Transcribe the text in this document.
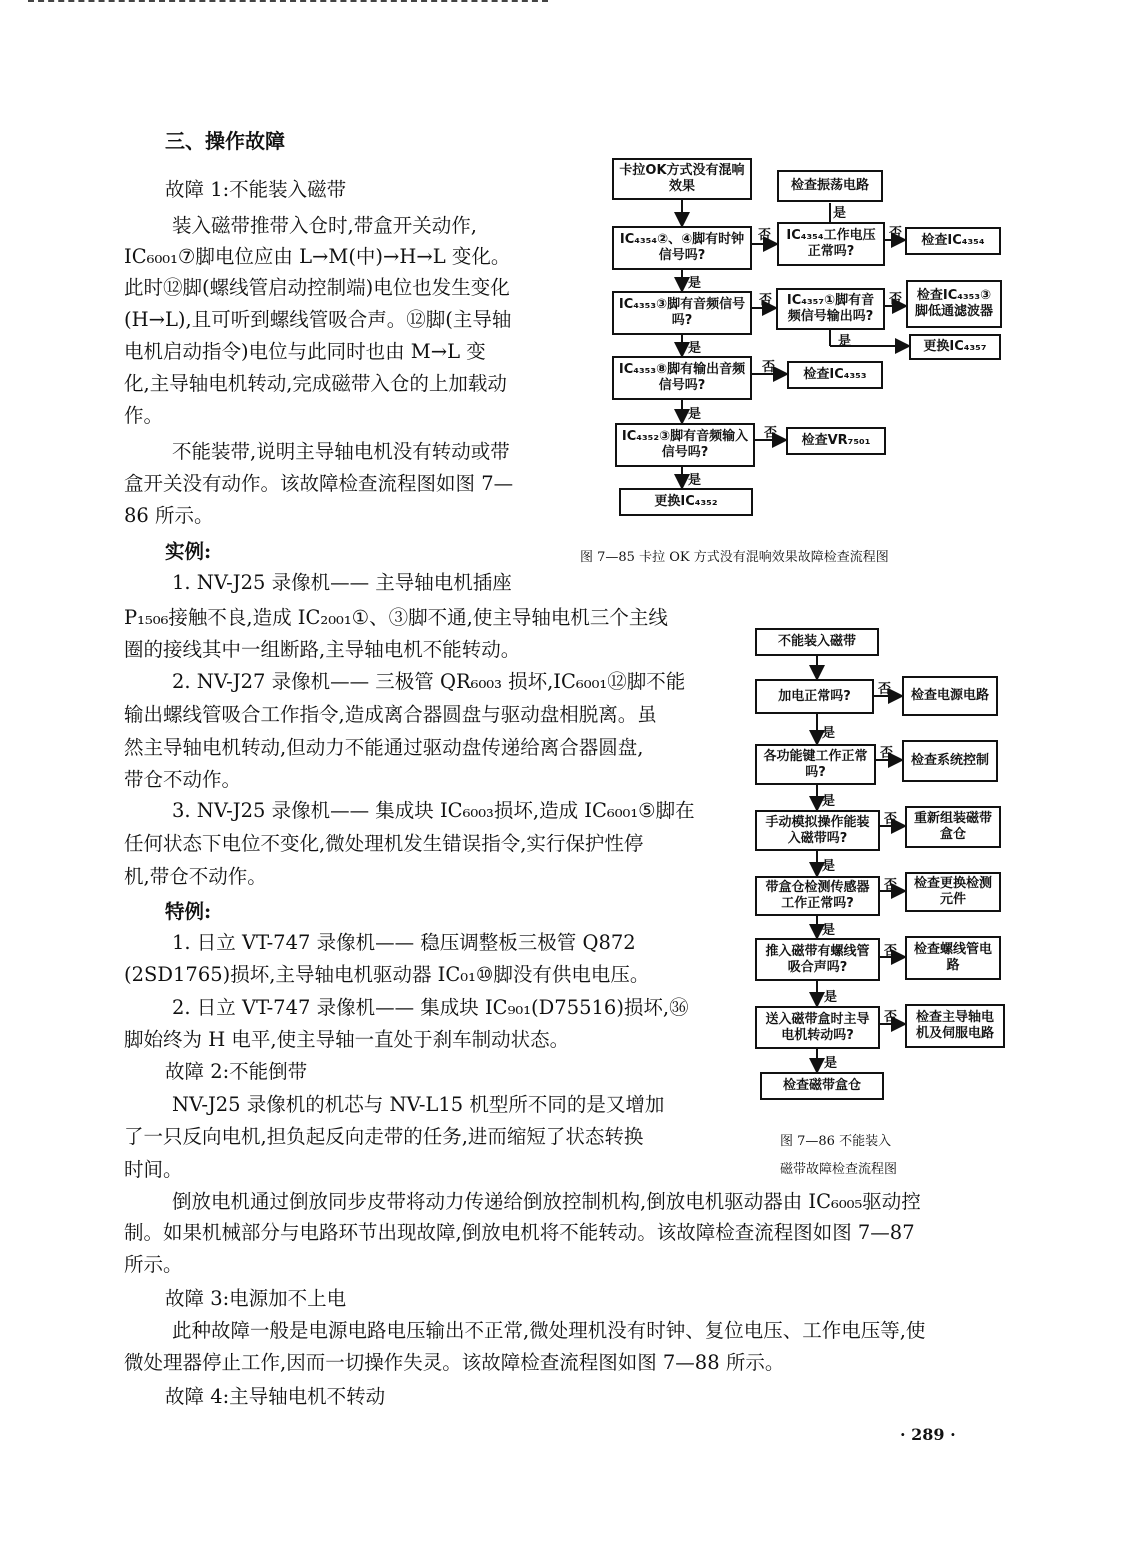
三、操作故障
故障 1:不能装入磁带
装入磁带推带入仓时,带盒开关动作,
IC₆₀₀₁⑦脚电位应由 L→M(中)→H→L 变化。
此时⑫脚(螺线管启动控制端)电位也发生变化
(H→L),且可听到螺线管吸合声。⑫脚(主导轴
电机启动指令)电位与此同时也由 M→L 变
化,主导轴电机转动,完成磁带入仓的上加载动
作。
不能装带,说明主导轴电机没有转动或带
盒开关没有动作。该故障检查流程图如图 7—
86 所示。
实例:
1. NV-J25 录像机—— 主导轴电机插座
P₁₅₀₆接触不良,造成 IC₂₀₀₁①、③脚不通,使主导轴电机三个主线
圈的接线其中一组断路,主导轴电机不能转动。
2. NV-J27 录像机—— 三极管 QR₆₀₀₃ 损坏,IC₆₀₀₁⑫脚不能
输出螺线管吸合工作指令,造成离合器圆盘与驱动盘相脱离。虽
然主导轴电机转动,但动力不能通过驱动盘传递给离合器圆盘,
带仓不动作。
3. NV-J25 录像机—— 集成块 IC₆₀₀₃损坏,造成 IC₆₀₀₁⑤脚在
任何状态下电位不变化,微处理机发生错误指令,实行保护性停
机,带仓不动作。
特例:
1. 日立 VT-747 录像机—— 稳压调整板三极管 Q872
(2SD1765)损坏,主导轴电机驱动器 IC₀₁⑩脚没有供电电压。
2. 日立 VT-747 录像机—— 集成块 IC₉₀₁(D75516)损坏,㊱
脚始终为 H 电平,使主导轴一直处于刹车制动状态。
故障 2:不能倒带
NV-J25 录像机的机芯与 NV-L15 机型所不同的是又增加
了一只反向电机,担负起反向走带的任务,进而缩短了状态转换
时间。
倒放电机通过倒放同步皮带将动力传递给倒放控制机构,倒放电机驱动器由 IC₆₀₀₅驱动控
制。如果机械部分与电路环节出现故障,倒放电机将不能转动。该故障检查流程图如图 7—87
所示。
故障 3:电源加不上电
此种故障一般是电源电路电压输出不正常,微处理机没有时钟、复位电压、工作电压等,使
微处理器停止工作,因而一切操作失灵。该故障检查流程图如图 7—88 所示。
故障 4:主导轴电机不转动
· 289 ·
卡拉OK方式没有混响效果	检查振荡电路
IC₄₃₅₄②、④脚有时钟信号吗?
IC₄₃₅₄工作电压正常吗?
检查IC₄₃₅₄
IC₄₃₅₃③脚有音频信号吗?
IC₄₃₅₇①脚有音频信号输出吗?
检查IC₄₃₅₃③脚低通滤波器
更换IC₄₃₅₇
IC₄₃₅₃⑧脚有输出音频信号吗?
检查IC₄₃₅₃
IC₄₃₅₂③脚有音频输入信号吗?
检查VR₇₅₀₁
更换IC₄₃₅₂
是
否	否
是
否	否
是
是
否
是
否
是
图 7—85 卡拉 OK 方式没有混响效果故障检查流程图
不能装入磁带
加电正常吗?	检查电源电路
各功能键工作正常吗?
检查系统控制
手动模拟操作能装入磁带吗?
重新组装磁带盒仓
带盒仓检测传感器工作正常吗?
检查更换检测元件
推入磁带有螺线管吸合声吗?
检查螺线管电路
送入磁带盒时主导电机转动吗?
检查主导轴电机及伺服电路
检查磁带盒仓
否
是
否
是
否
是
否
是
否
是
否
是
图 7—86 不能装入
磁带故障检查流程图
